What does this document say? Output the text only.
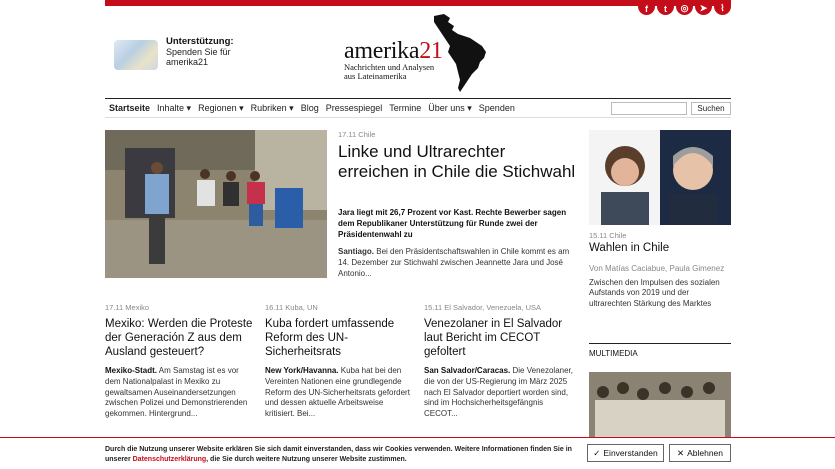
f	t	◎	➤	⌇
Unterstützung:
Spenden Sie für
amerika21	amerika21
Nachrichten und Analysen
aus Lateinamerika
Startseite Inhalte ▾ Regionen ▾ Rubriken ▾ Blog Pressespiegel Termine Über uns ▾ Spenden	Suchen
17.11 Chile
Linke und Ultrarechter erreichen in Chile die Stichwahl
Jara liegt mit 26,7 Prozent vor Kast. Rechte Bewerber sagen dem Republikaner Unterstützung für Runde zwei der Präsidentenwahl zu
Santiago. Bei den Präsidentschaftswahlen in Chile kommt es am 14. Dezember zur Stichwahl zwischen Jeannette Jara und José Antonio...
17.11 Mexiko
Mexiko: Werden die Proteste der Generación Z aus dem Ausland gesteuert?
Mexiko-Stadt. Am Samstag ist es vor dem Nationalpalast in Mexiko zu gewaltsamen Auseinandersetzungen zwischen Polizei und Demonstrierenden gekommen. Hintergrund...
16.11 Kuba, UN
Kuba fordert umfassende Reform des UN-Sicherheitsrats
New York/Havanna. Kuba hat bei den Vereinten Nationen eine grundlegende Reform des UN-Sicherheitsrats gefordert und dessen aktuelle Arbeitsweise kritisiert. Bei...
15.11 El Salvador, Venezuela, USA
Venezolaner in El Salvador laut Bericht im CECOT gefoltert
San Salvador/Caracas. Die Venezolaner, die von der US-Regierung im März 2025 nach El Salvador deportiert worden sind, sind im Hochsicherheitsgefängnis CECOT...
15.11 Chile
Wahlen in Chile
Von Matías Caciabue, Paula Gimenez
Zwischen den Impulsen des sozialen Aufstands von 2019 und der ultrarechten Stärkung des Marktes
MULTIMEDIA
Durch die Nutzung unserer Website erklären Sie sich damit einverstanden, dass wir Cookies verwenden. Weitere Informationen finden Sie in unserer Datenschutzerklärung, die Sie durch weitere Nutzung unserer Website zustimmen.
✓ Einverstanden ✕ Ablehnen
